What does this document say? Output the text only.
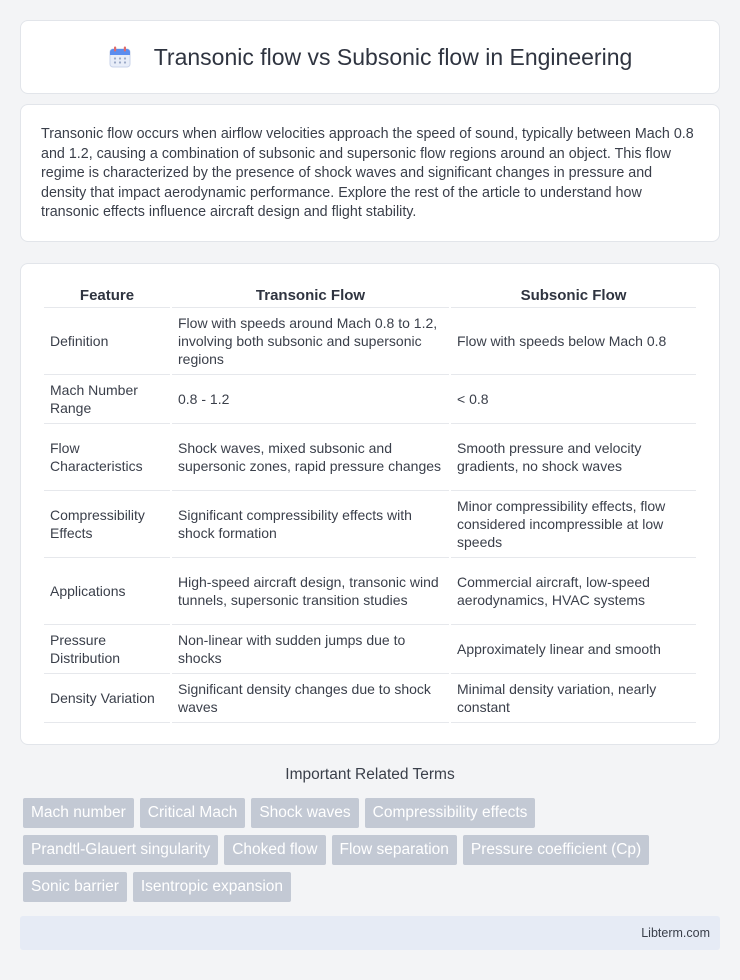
Transonic flow vs Subsonic flow in Engineering

Transonic flow occurs when airflow velocities approach the speed of sound, typically between Mach 0.8 and 1.2, causing a combination of subsonic and supersonic flow regions around an object. This flow regime is characterized by the presence of shock waves and significant changes in pressure and density that impact aerodynamic performance. Explore the rest of the article to understand how transonic effects influence aircraft design and flight stability.

Feature	Transonic Flow	Subsonic Flow
Definition	Flow with speeds around Mach 0.8 to 1.2, involving both subsonic and supersonic regions	Flow with speeds below Mach 0.8
Mach Number Range	0.8 - 1.2	< 0.8
Flow Characteristics	Shock waves, mixed subsonic and supersonic zones, rapid pressure changes	Smooth pressure and velocity gradients, no shock waves
Compressibility Effects	Significant compressibility effects with shock formation	Minor compressibility effects, flow considered incompressible at low speeds
Applications	High-speed aircraft design, transonic wind tunnels, supersonic transition studies	Commercial aircraft, low-speed aerodynamics, HVAC systems
Pressure Distribution	Non-linear with sudden jumps due to shocks	Approximately linear and smooth
Density Variation	Significant density changes due to shock waves	Minimal density variation, nearly constant
Important Related Terms
Mach number	Critical Mach	Shock waves	Compressibility effects
Prandtl-Glauert singularity	Choked flow	Flow separation	Pressure coefficient (Cp)
Sonic barrier	Isentropic expansion
Libterm.com
